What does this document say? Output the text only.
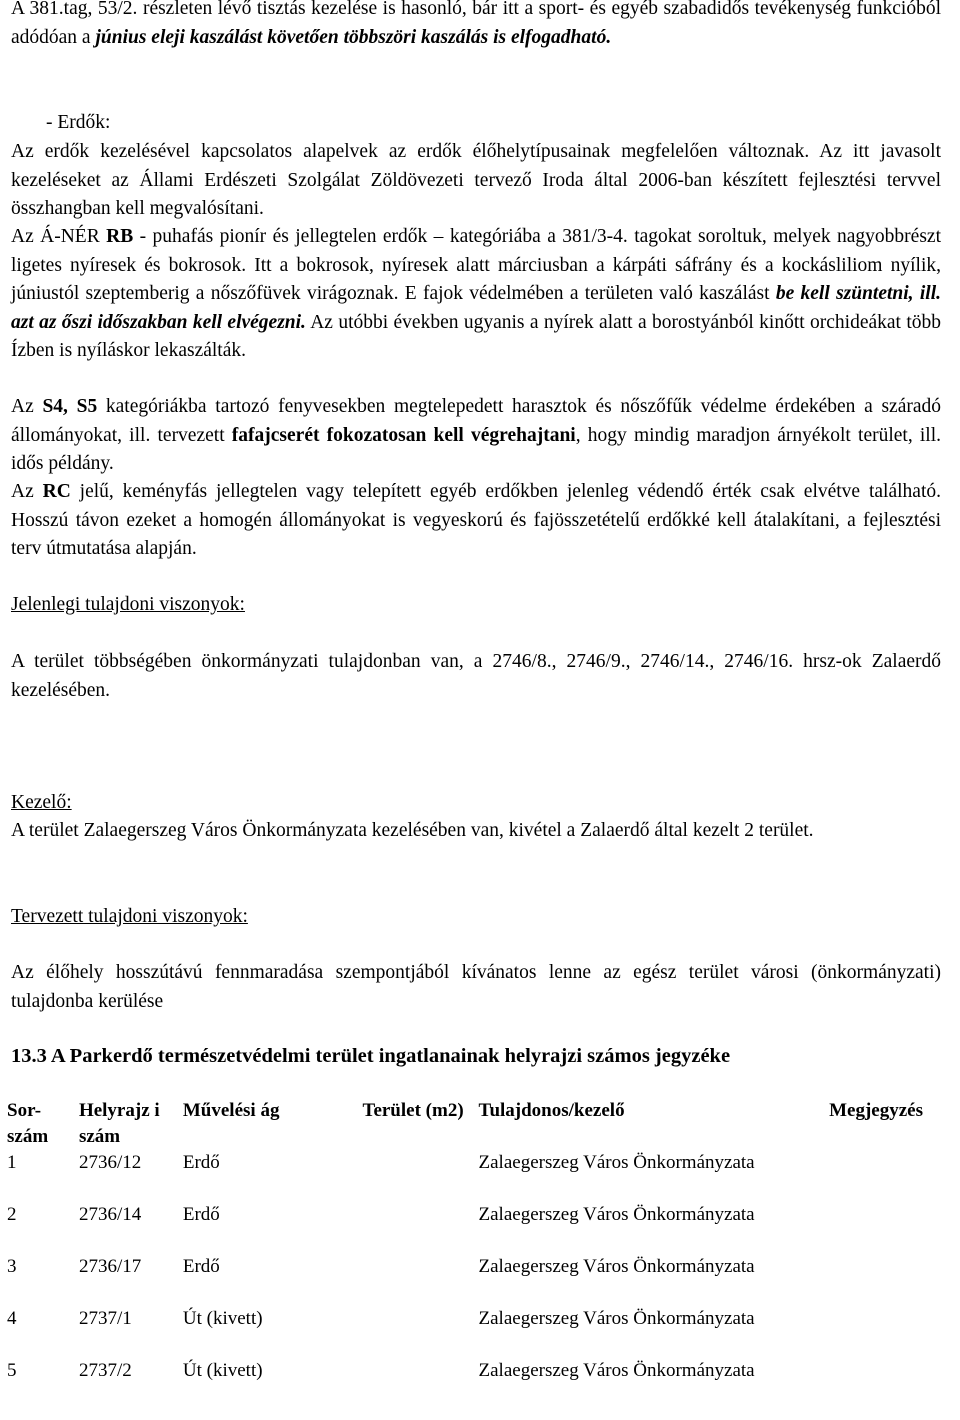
A 381.tag, 53/2. részleten lévő tisztás kezelése is hasonló, bár itt a sport- és egyéb szabadidős tevékenység funkcióból adódóan a június eleji kaszálást követően többszöri kaszálás is elfogadható.
- Erdők:
Az erdők kezelésével kapcsolatos alapelvek az erdők élőhelytípusainak megfelelően változnak. Az itt javasolt kezeléseket az Állami Erdészeti Szolgálat Zöldövezeti tervező Iroda által 2006-ban készített fejlesztési tervvel összhangban kell megvalósítani.
Az Á-NÉR RB - puhafás pionír és jellegtelen erdők – kategóriába a 381/3-4. tagokat soroltuk, melyek nagyobbrészt ligetes nyíresek és bokrosok. Itt a bokrosok, nyíresek alatt márciusban a kárpáti sáfrány és a kockásliliom nyílik, júniustól szeptemberig a nőszőfüvek virágoznak. E fajok védelmében a területen való kaszálást be kell szüntetni, ill. azt az őszi időszakban kell elvégezni. Az utóbbi években ugyanis a nyírek alatt a borostyánból kinőtt orchideákat több Ízben is nyíláskor lekaszálták.
Az S4, S5 kategóriákba tartozó fenyvesekben megtelepedett harasztok és nőszőfűk védelme érdekében a száradó állományokat, ill. tervezett fafajcserét fokozatosan kell végrehajtani, hogy mindig maradjon árnyékolt terület, ill. idős példány.
Az RC jelű, keményfás jellegtelen vagy telepített egyéb erdőkben jelenleg védendő érték csak elvétve található. Hosszú távon ezeket a homogén állományokat is vegyeskorú és fajösszetételű erdőkké kell átalakítani, a fejlesztési terv útmutatása alapján.
Jelenlegi tulajdoni viszonyok:
A terület többségében önkormányzati tulajdonban van, a 2746/8., 2746/9., 2746/14., 2746/16. hrsz-ok Zalaerdő kezelésében.
Kezelő:
A terület Zalaegerszeg Város Önkormányzata kezelésében van, kivétel a Zalaerdő által kezelt 2 terület.
Tervezett tulajdoni viszonyok:
Az élőhely hosszútávú fennmaradása szempontjából kívánatos lenne az egész terület városi (önkormányzati) tulajdonba kerülése
13.3 A Parkerdő természetvédelmi terület ingatlanainak helyrajzi számos jegyzéke
Sor-szám	Helyrajz i szám	Művelési ág	Terület (m2)	Tulajdonos/kezelő	Megjegyzés
1	2736/12	Erdő		Zalaegerszeg Város Önkormányzata	
2	2736/14	Erdő		Zalaegerszeg Város Önkormányzata	
3	2736/17	Erdő		Zalaegerszeg Város Önkormányzata	
4	2737/1	Út (kivett)		Zalaegerszeg Város Önkormányzata	
5	2737/2	Út (kivett)		Zalaegerszeg Város Önkormányzata	
